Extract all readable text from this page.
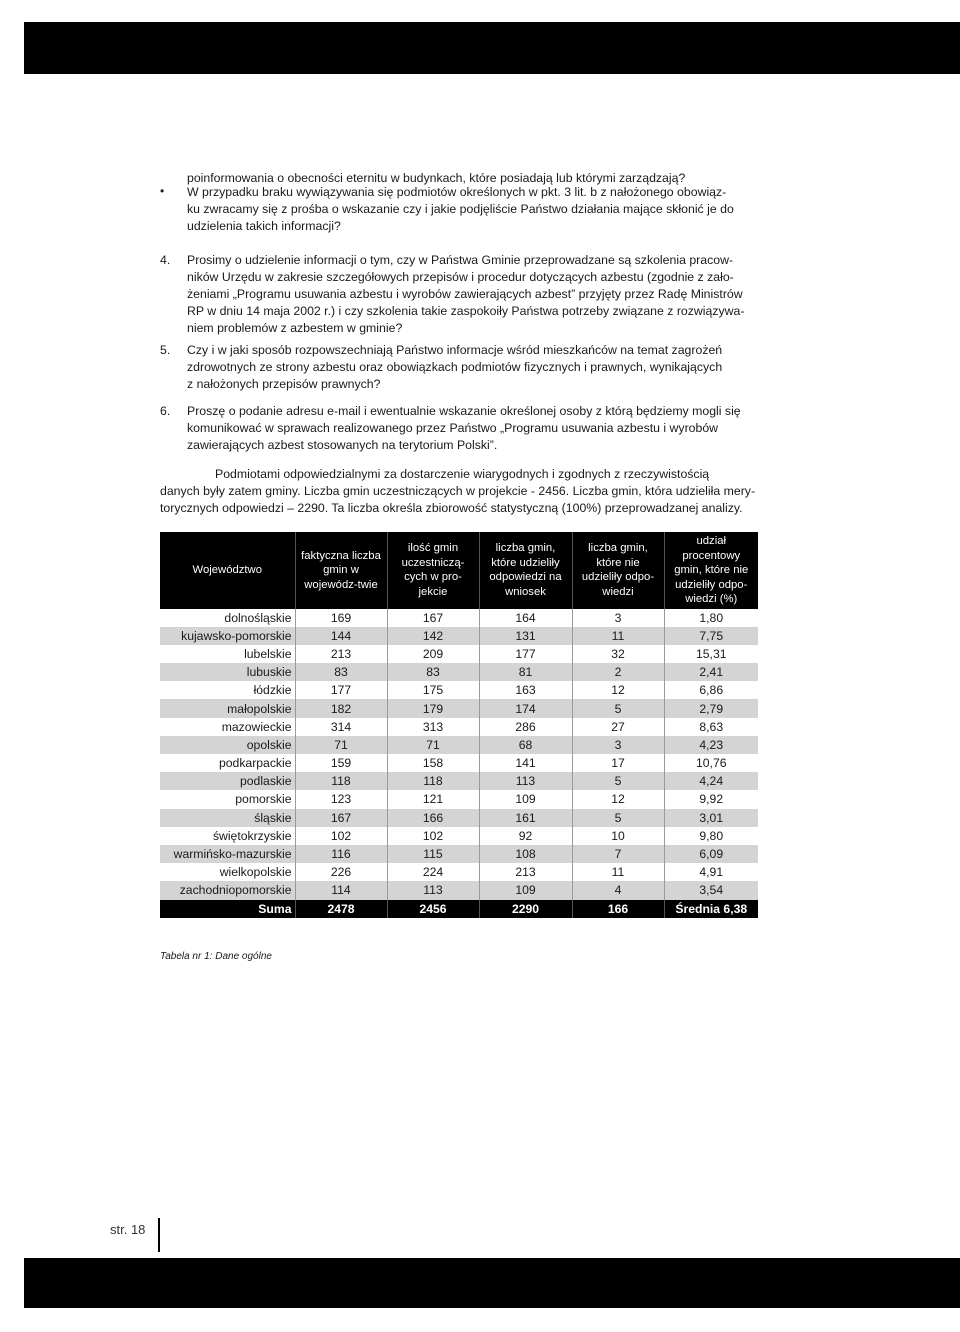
poinformowania o obecności eternitu w budynkach, które posiadają lub którymi zarządzają?

• W przypadku braku wywiązywania się podmiotów określonych w pkt. 3 lit. b z nałożonego obowiąz-

ku zwracamy się z prośba o wskazanie czy i jakie podjęliście Państwo działania mające skłonić je do

udzielenia takich informacji?

4. Prosimy o udzielenie informacji o tym, czy w Państwa Gminie przeprowadzane są szkolenia pracow-

ników Urzędu w zakresie szczegółowych przepisów i procedur dotyczących azbestu (zgodnie z zało-

żeniami „Programu usuwania azbestu i wyrobów zawierających azbest” przyjęty przez Radę Ministrów

RP w dniu 14 maja 2002 r.) i czy szkolenia takie zaspokoiły Państwa potrzeby związane z rozwiązywa-

niem problemów z azbestem w gminie?

5. Czy i w jaki sposób rozpowszechniają Państwo informacje wśród mieszkańców na temat zagrożeń

zdrowotnych ze strony azbestu oraz obowiązkach podmiotów fizycznych i prawnych, wynikających

z nałożonych przepisów prawnych?

6. Proszę o podanie adresu e-mail i ewentualnie wskazanie określonej osoby z którą będziemy mogli się

komunikować w sprawach realizowanego przez Państwo „Programu usuwania azbestu i wyrobów

zawierających azbest stosowanych na terytorium Polski”.

Podmiotami odpowiedzialnymi za dostarczenie wiarygodnych i zgodnych z rzeczywistością

danych były zatem gminy. Liczba gmin uczestniczących w projekcie - 2456. Liczba gmin, która udzieliła mery-

torycznych odpowiedzi – 2290. Ta liczba określa zbiorowość statystyczną (100%) przeprowadzanej analizy.

Województwo	faktyczna liczba gmin w wojewódz-twie	ilość gmin uczestniczą-cych w pro-jekcie	liczba gmin, które udzieliły odpowiedzi na wniosek	liczba gmin, które nie udzieliły odpo-wiedzi	udział procentowy gmin, które nie udzieliły odpo-wiedzi (%)
dolnośląskie	169	167	164	3	1,80
kujawsko-pomorskie	144	142	131	11	7,75
lubelskie	213	209	177	32	15,31
lubuskie	83	83	81	2	2,41
łódzkie	177	175	163	12	6,86
małopolskie	182	179	174	5	2,79
mazowieckie	314	313	286	27	8,63
opolskie	71	71	68	3	4,23
podkarpackie	159	158	141	17	10,76
podlaskie	118	118	113	5	4,24
pomorskie	123	121	109	12	9,92
śląskie	167	166	161	5	3,01
świętokrzyskie	102	102	92	10	9,80
warmińsko-mazurskie	116	115	108	7	6,09
wielkopolskie	226	224	213	11	4,91
zachodniopomorskie	114	113	109	4	3,54
Suma	2478	2456	2290	166	Średnia 6,38
Tabela nr 1: Dane ogólne
str. 18
